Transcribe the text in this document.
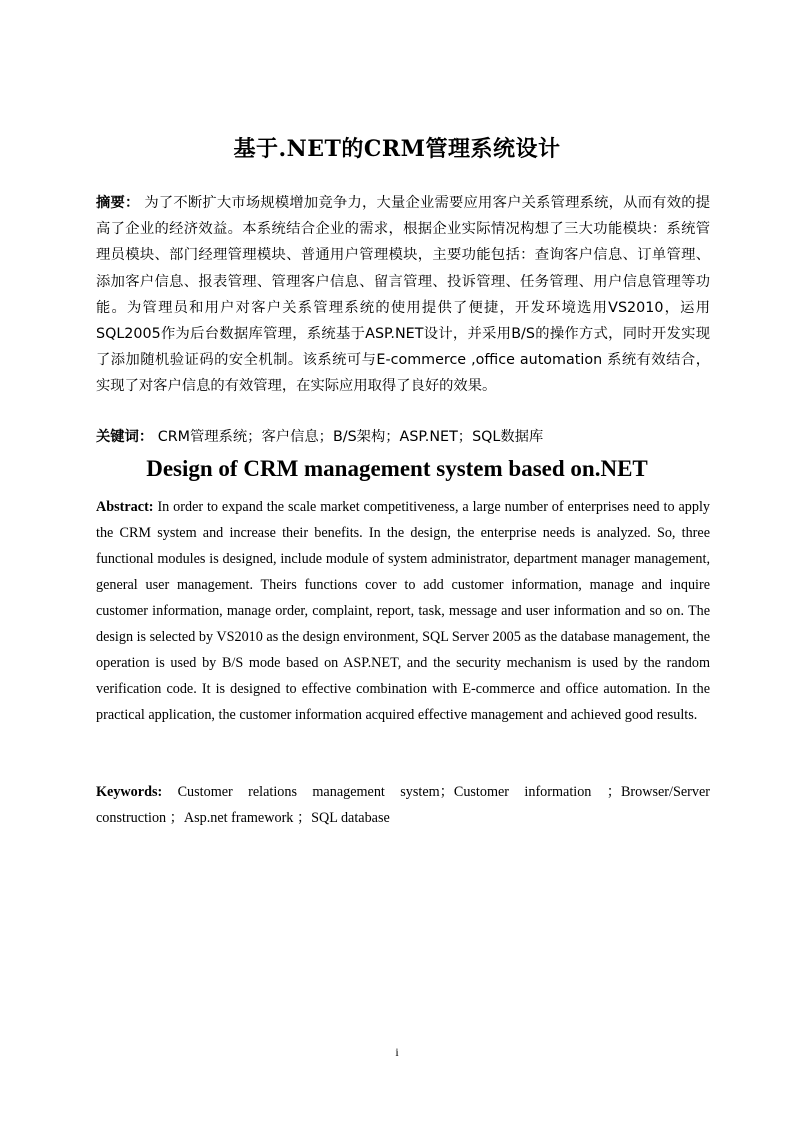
基于.NET的CRM管理系统设计
摘要： 为了不断扩大市场规模增加竞争力，大量企业需要应用客户关系管理系统，从而有效的提高了企业的经济效益。本系统结合企业的需求，根据企业实际情况构想了三大功能模块：系统管理员模块、部门经理管理模块、普通用户管理模块，主要功能包括：查询客户信息、订单管理、添加客户信息、报表管理、管理客户信息、留言管理、投诉管理、任务管理、用户信息管理等功能。为管理员和用户对客户关系管理系统的使用提供了便捷，开发环境选用VS2010，运用SQL2005作为后台数据库管理，系统基于ASP.NET设计，并采用B/S的操作方式，同时开发实现了添加随机验证码的安全机制。该系统可与E-commerce ,office automation 系统有效结合，实现了对客户信息的有效管理，在实际应用取得了良好的效果。
关键词： CRM管理系统；客户信息；B/S架构；ASP.NET；SQL数据库
Design of CRM management system based on.NET
Abstract: In order to expand the scale market competitiveness, a large number of enterprises need to apply the CRM system and increase their benefits. In the design, the enterprise needs is analyzed. So, three functional modules is designed, include module of system administrator, department manager management, general user management. Theirs functions cover to add customer information, manage and inquire customer information, manage order, complaint, report, task, message and user information and so on. The design is selected by VS2010 as the design environment, SQL Server 2005 as the database management, the operation is used by B/S mode based on ASP.NET, and the security mechanism is used by the random verification code. It is designed to effective combination with E-commerce and office automation. In the practical application, the customer information acquired effective management and achieved good results.
Keywords: Customer relations management system；Customer information ；Browser/Server construction ；Asp.net framework ；SQL database
i
